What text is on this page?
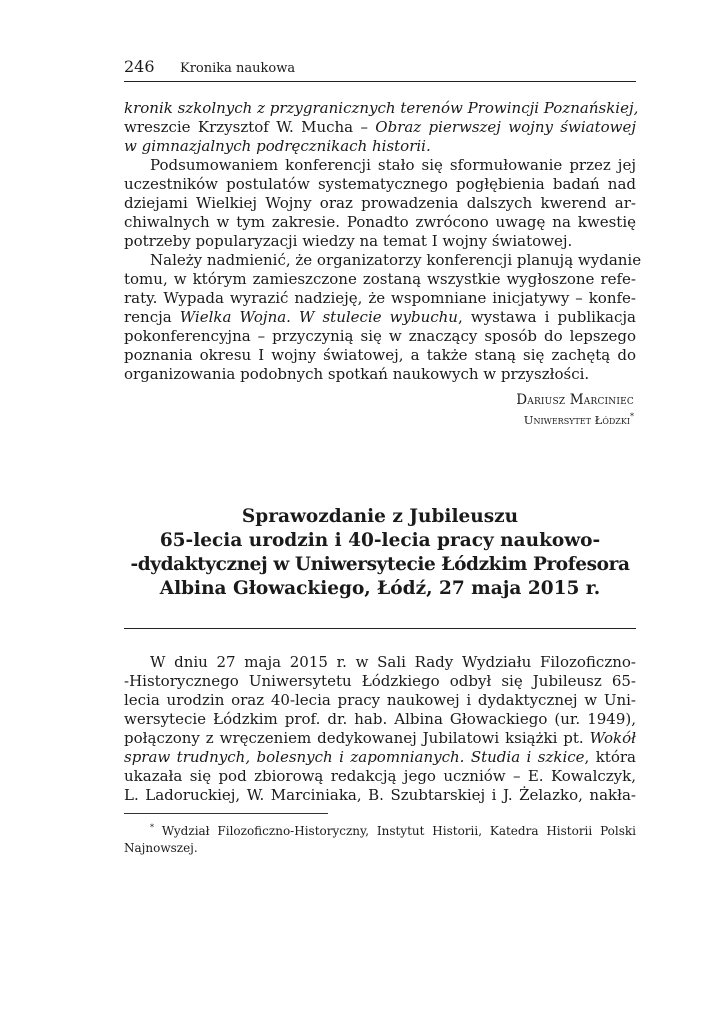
246 Kronika naukowa
kronik szkolnych z przygranicznych terenów Prowincji Poznańskiej,
wreszcie Krzysztof W. Mucha – Obraz pierwszej wojny światowej
w gimnazjalnych podręcznikach historii.
Podsumowaniem konferencji stało się sformułowanie przez jej
uczestników postulatów systematycznego pogłębienia badań nad
dziejami Wielkiej Wojny oraz prowadzenia dalszych kwerend ar-
chiwalnych w tym zakresie. Ponadto zwrócono uwagę na kwestię
potrzeby popularyzacji wiedzy na temat I wojny światowej.
Należy nadmienić, że organizatorzy konferencji planują wydanie
tomu, w którym zamieszczone zostaną wszystkie wygłoszone refe-
raty. Wypada wyrazić nadzieję, że wspomniane inicjatywy – konfe-
rencja Wielka Wojna. W stulecie wybuchu, wystawa i publikacja
pokonferencyjna – przyczynią się w znaczący sposób do lepszego
poznania okresu I wojny światowej, a także staną się zachętą do
organizowania podobnych spotkań naukowych w przyszłości.
Dariusz Marciniec
Uniwersytet Łódzki*
Sprawozdanie z Jubileuszu
65-lecia urodzin i 40-lecia pracy naukowo-
-dydaktycznej w Uniwersytecie Łódzkim Profesora
Albina Głowackiego, Łódź, 27 maja 2015 r.
W dniu 27 maja 2015 r. w Sali Rady Wydziału Filozoficzno-
-Historycznego Uniwersytetu Łódzkiego odbył się Jubileusz 65-
lecia urodzin oraz 40-lecia pracy naukowej i dydaktycznej w Uni-
wersytecie Łódzkim prof. dr. hab. Albina Głowackiego (ur. 1949),
połączony z wręczeniem dedykowanej Jubilatowi książki pt. Wokół
spraw trudnych, bolesnych i zapomnianych. Studia i szkice, która
ukazała się pod zbiorową redakcją jego uczniów – E. Kowalczyk,
L. Ladoruckiej, W. Marciniaka, B. Szubtarskiej i J. Żelazko, nakła-
* Wydział Filozoficzno-Historyczny, Instytut Historii, Katedra Historii Polski
Najnowszej.
